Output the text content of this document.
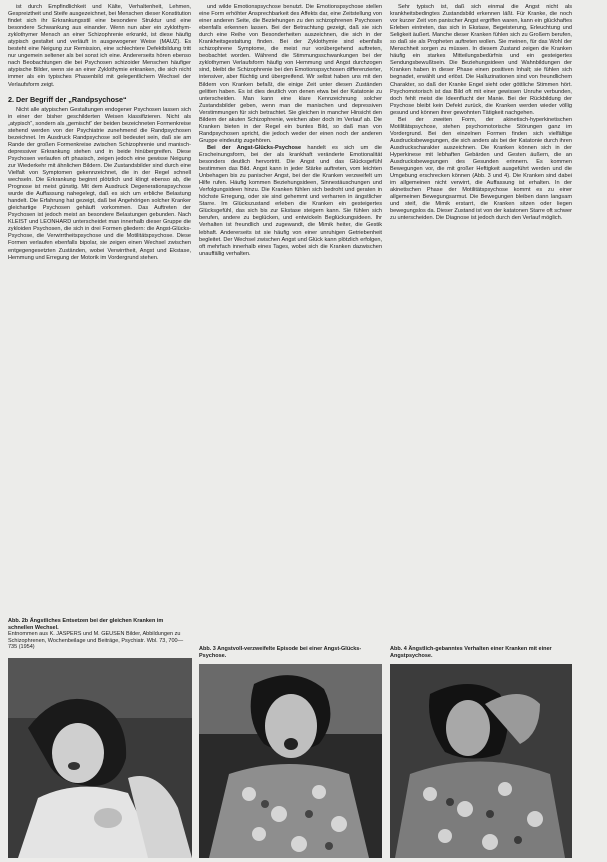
ist durch Empfindlichkeit und Kälte, Verhaltenheit, Lehmen, Gespreiztheit und Steife ausgezeichnet, bei Menschen dieser Konstitution findet sich ihr Erkrankungsstil eine besondere Struktur und eine besondere Schwankung aus einander. Wenn nun aber ein zyklothym-zyklothymer Mensch an einer Schizophrenie erkrankt, ist diese häufig atypisch gestaltet und verläuft in ausgewogener Weise (MAUZ). Es besteht eine Neigung zur Remission, eine schlechtere Defektbildung tritt nur ungemein seltener als bei sonst ich eine. Andererseits hören ebenso nach Beobachtungen die bei Psychosen schizoider Menschen häufiger atypische Bilder, wenn sie an einer Zyklothymie erkranken, die sich nicht immer als ein typisches Phasenbild mit gelegentlichem Wechsel der Verlaufsform zeigt.

2. Der Begriff der „Randpsychose“

Nicht alle atypischen Gestaltungen endogener Psychosen lassen sich in einer der bisher geschilderten Weisen klassifizieren. Nicht als „atypisch“, sondern als „gemischt“ der beiden bezeichneten Formenkreise stehend werden von der Psychiatrie zunehmend die Randpsychosen bezeichnet. Im Ausdruck Randpsychose soll bedeutet sein, daß sie am Rande der großen Formenkreise zwischen Schizophrenie und manisch-depressiver Erkrankung stehen und in beide hinübergreifen. Diese Psychosen verlaufen oft phasisch, zeigen jedoch eine gewisse Neigung zur Wiederkehr mit ähnlichen Bildern. Die Zustandsbilder sind durch eine Vielfalt von Symptomen gekennzeichnet, die in der Regel schnell wechseln. Die Erkrankung beginnt plötzlich und klingt ebenso ab, die Prognose ist meist günstig. Mit dem Ausdruck Degenerationspsychose wurde die Auffassung nahegelegt, daß es sich um erbliche Belastung handelt. Die Erfahrung hat gezeigt, daß bei Angehörigen solcher Kranker gleichartige Psychosen gehäuft vorkommen. Das Auftreten der Psychosen ist jedoch meist an besondere Belastungen gebunden. Nach KLEIST und LEONHARD unterscheidet man innerhalb dieser Gruppe die zykloiden Psychosen, die sich in drei Formen gliedern: die Angst-Glücks-Psychose, die Verwirrtheitspsychose und die Motilitätspsychose. Diese Formen verlaufen ebenfalls bipolar, sie zeigen einen Wechsel zwischen entgegengesetzten Zuständen, wobei Verwirrtheit, Angst und Ekstase, Hemmung und Erregung der Motorik im Vordergrund stehen.

und wilde Emotionspsychose benutzt. Die Emotionspsychose stellen eine Form erhöhter Ansprechbarkeit des Affekts dar, eine Zeitstellung von einer anderen Seite, die Beziehungen zu den schizophrenen Psychosen ebenfalls erkennen lassen. Bei der Betrachtung gezeigt, daß sie sich durch eine Reihe von Besonderheiten auszeichnen, die sich in der Krankheitsgestaltung finden. Bei der Zyklothymie sind ebenfalls schizophrene Symptome, die meist nur vorübergehend auftreten, beobachtet worden. Während die Stimmungsschwankungen bei der zyklothymen Verlaufsform häufig von Hemmung und Angst durchzogen sind, bleibt die Schizophrenie bei den Emotionspsychosen differenzierter, intensiver, aber flüchtig und übergreifend. Wir selbst haben uns mit den Bildern von Kranken befaßt, die einige Zeit unter diesen Zuständen gelitten haben. Es ist dies deutlich von denen etwa bei der Katatonie zu unterscheiden. Man kann eine klare Kennzeichnung solcher Zustandsbilder geben, wenn man die manischen und depressiven Verstimmungen für sich betrachtet. Sie gleichen in mancher Hinsicht den Bildern der akuten Schizophrenie, weichen aber doch im Verlauf ab. Die Kranken bieten in der Regel ein buntes Bild, so daß man von Randpsychosen spricht, die jedoch weder der einen noch der anderen Gruppe eindeutig zugehören.

Bei der Angst-Glücks-Psychose handelt es sich um die Erscheinungsform, bei der als krankhaft veränderte Emotionalität besonders deutlich hervortritt. Die Angst und das Glücksgefühl bestimmen das Bild. Angst kann in jeder Stärke auftreten, vom leichten Unbehagen bis zu panischer Angst, bei der die Kranken verzweifelt um Hilfe rufen. Häufig kommen Beziehungsideen, Sinnestäuschungen und Verfolgungsideen hinzu. Die Kranken fühlen sich bedroht und geraten in höchste Erregung, oder sie sind gehemmt und verharren in ängstlicher Starre. Im Glückszustand erleben die Kranken ein gesteigertes Glücksgefühl, das sich bis zur Ekstase steigern kann. Sie fühlen sich berufen, andere zu beglücken, und entwickeln Beglückungsideen. Ihr Verhalten ist freundlich und zugewandt, die Mimik heiter, die Gestik lebhaft. Andererseits ist sie häufig von einer unruhigen Getriebenheit begleitet. Der Wechsel zwischen Angst und Glück kann plötzlich erfolgen, oft mehrfach innerhalb eines Tages, wobei sich die Kranken dazwischen unauffällig verhalten.

Sehr typisch ist, daß sich einmal die Angst nicht als krankheitsbedingtes Zustandsbild erkennen läßt. Für Kranke, die noch vor kurzer Zeit von panischer Angst ergriffen waren, kann ein glückhaftes Erleben eintreten, das sich in Ekstase, Begeisterung, Erleuchtung und Seligkeit äußert. Manche dieser Kranken fühlen sich zu Großem berufen, so daß sie als Propheten auftreten wollen. Sie meinen, für das Wohl der Menschheit sorgen zu müssen. In diesem Zustand zeigen die Kranken häufig ein starkes Mitteilungsbedürfnis und ein gesteigertes Sendungsbewußtsein. Die Beziehungsideen und Wahnbildungen der Kranken haben in dieser Phase einen positiven Inhalt; sie fühlen sich begnadet, erwählt und erlöst. Die Halluzinationen sind von freundlichem Charakter, so daß der Kranke Engel sieht oder göttliche Stimmen hört. Psychomotorisch ist das Bild oft mit einer gewissen Unruhe verbunden, doch fehlt meist die Ideenflucht der Manie. Bei der Rückbildung der Psychose bleibt kein Defekt zurück, die Kranken werden wieder völlig gesund und können ihrer gewohnten Tätigkeit nachgehen.

Bei der zweiten Form, der akinetisch-hyperkinetischen Motilitätspsychose, stehen psychomotorische Störungen ganz im Vordergrund. Bei den einzelnen Formen finden sich vielfältige Ausdrucksbewegungen, die sich anders als bei der Katatonie durch ihren Ausdruckscharakter auszeichnen. Die Kranken können sich in der Hyperkinese mit lebhaften Gebärden und Gesten äußern, die an Ausdrucksbewegungen des Gesunden erinnern. Es kommen Bewegungen vor, die mit großer Heftigkeit ausgeführt werden und die Umgebung erschrecken können (Abb. 3 und 4). Die Kranken sind dabei im allgemeinen nicht verwirrt, die Auffassung ist erhalten. In der akinetischen Phase der Motilitätspsychose kommt es zu einer allgemeinen Bewegungsarmut. Die Bewegungen bleiben dann langsam und steif, die Mimik erstarrt, die Kranken sitzen oder liegen bewegungslos da. Dieser Zustand ist von der katatonen Starre oft schwer zu unterscheiden. Die Diagnose ist jedoch durch den Verlauf möglich.

Abb. 2b Ängstliches Entsetzen bei der gleichen Kranken im schnellen Wechsel.
Entnommen aus K. JASPERS und M. GEUSEN Bilder, Abbildungen zu Schizophrenen, Wochenbeilage und Beiträge, Psychiatr. Wbl. 73, 700—735 (1954)	Abb. 3 Angstvoll-verzweifelte Episode bei einer Angst-Glücks-Psychose.
Abb. 4 Ängstlich-gebanntes Verhalten einer Kranken mit einer Angstpsychose.
